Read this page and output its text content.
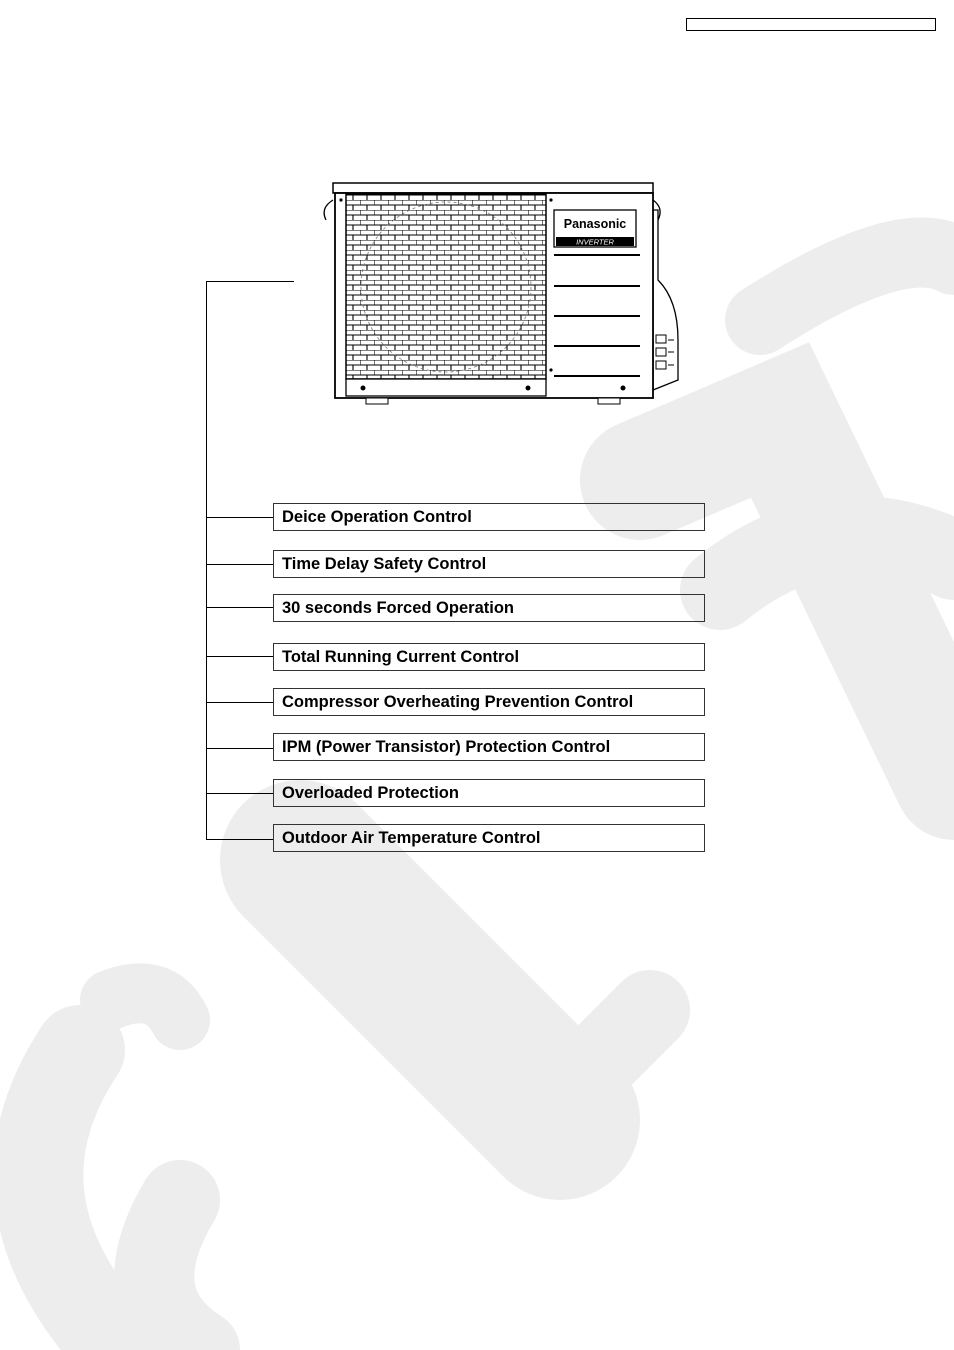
Deice Operation Control
Time Delay Safety Control
30 seconds Forced Operation
Total Running Current Control
Compressor Overheating Prevention Control
IPM (Power Transistor) Protection Control
Overloaded Protection
Outdoor Air Temperature Control
Panasonic
INVERTER
